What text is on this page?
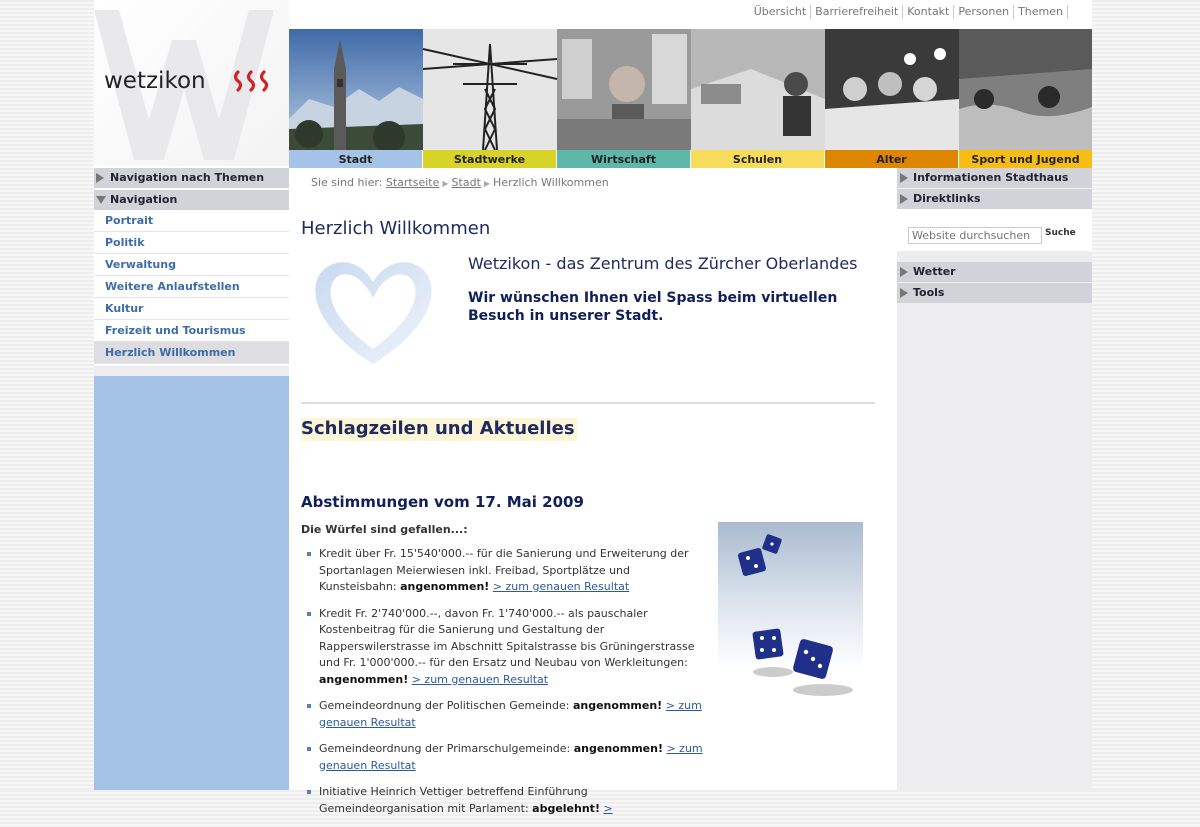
Übersicht Barrierefreiheit Kontakt Personen Themen
wetzikon
Stadt	Stadtwerke	Wirtschaft	Schulen	Alter	Sport und Jugend
Navigation nach Themen
Navigation
Portrait
Politik
Verwaltung
Weitere Anlaufstellen
Kultur
Freizeit und Tourismus
Herzlich Willkommen
Sie sind hier: Startseite ▶ Stadt ▶ Herzlich Willkommen
Herzlich Willkommen
Wetzikon - das Zentrum des Zürcher Oberlandes
Wir wünschen Ihnen viel Spass beim virtuellen Besuch in unserer Stadt.
Schlagzeilen und Aktuelles
Abstimmungen vom 17. Mai 2009
Die Würfel sind gefallen...:
Kredit über Fr. 15'540'000.-- für die Sanierung und Erweiterung der Sportanlagen Meierwiesen inkl. Freibad, Sportplätze und Kunsteisbahn: angenommen! > zum genauen Resultat
Kredit Fr. 2'740'000.--, davon Fr. 1'740'000.-- als pauschaler Kostenbeitrag für die Sanierung und Gestaltung der Rapperswilerstrasse im Abschnitt Spitalstrasse bis Grüningerstrasse und Fr. 1'000'000.-- für den Ersatz und Neubau von Werkleitungen: angenommen! > zum genauen Resultat
Gemeindeordnung der Politischen Gemeinde: angenommen! > zum genauen Resultat
Gemeindeordnung der Primarschulgemeinde: angenommen! > zum genauen Resultat
Initiative Heinrich Vettiger betreffend Einführung Gemeindeorganisation mit Parlament: abgelehnt! >
Informationen Stadthaus
Direktlinks
Website durchsuchen
Suche
Wetter
Tools
